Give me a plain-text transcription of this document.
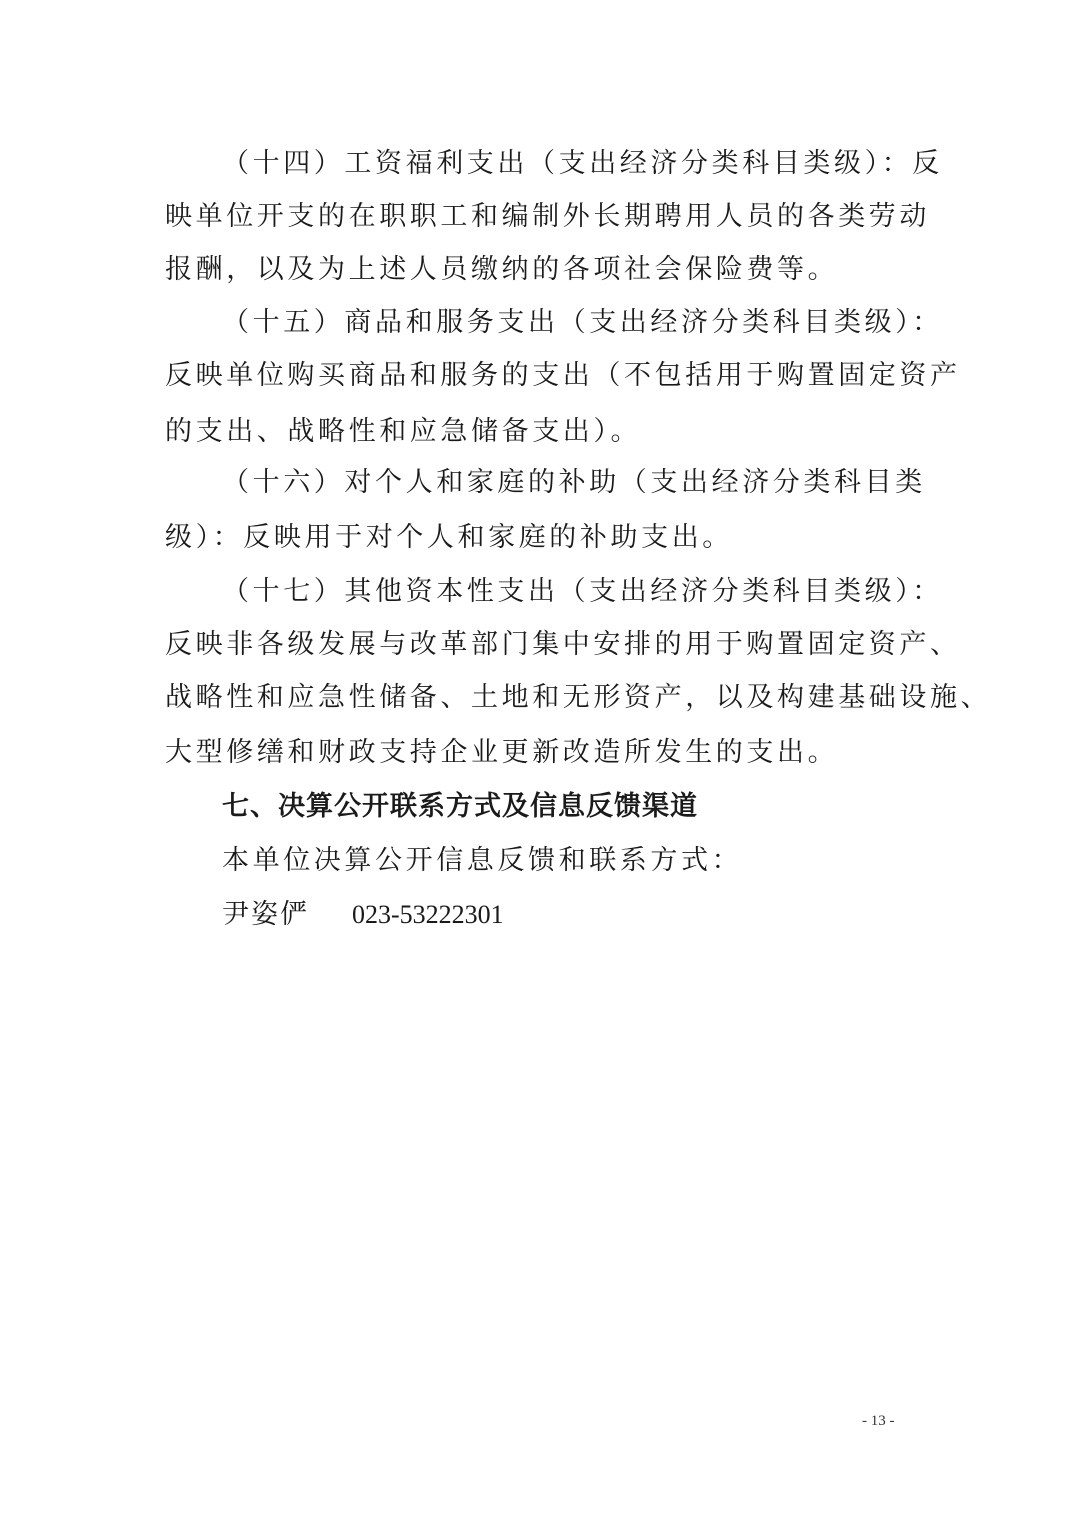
（十四）工资福利支出（支出经济分类科目类级）：反
映单位开支的在职职工和编制外长期聘用人员的各类劳动
报酬，以及为上述人员缴纳的各项社会保险费等。
（十五）商品和服务支出（支出经济分类科目类级）：
反映单位购买商品和服务的支出（不包括用于购置固定资产
的支出、战略性和应急储备支出）。
（十六）对个人和家庭的补助（支出经济分类科目类
级）：反映用于对个人和家庭的补助支出。
（十七）其他资本性支出（支出经济分类科目类级）：
反映非各级发展与改革部门集中安排的用于购置固定资产、
战略性和应急性储备、土地和无形资产，以及构建基础设施、
大型修缮和财政支持企业更新改造所发生的支出。
七、决算公开联系方式及信息反馈渠道
本单位决算公开信息反馈和联系方式：
尹姿俨 023-53222301
- 13 -
